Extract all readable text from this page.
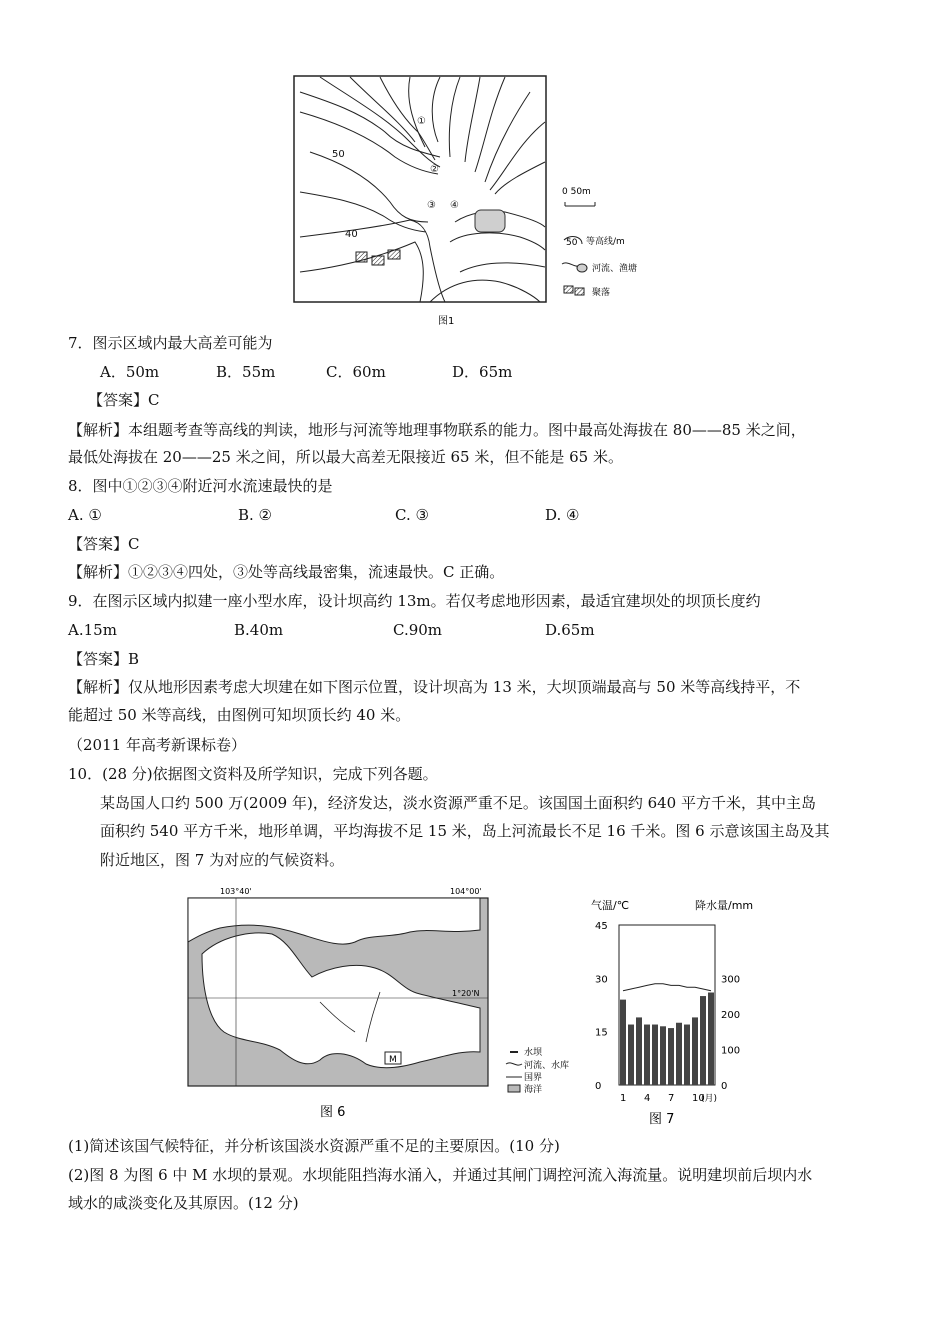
50
40
①
②
③ ④
0 50m
50 等高线/m
河流、渔塘
聚落
图1
7．图示区域内最大高差可能为
A．50m	B．55m	C．60m	D．65m
【答案】C
【解析】本组题考查等高线的判读，地形与河流等地理事物联系的能力。图中最高处海拔在 80——85 米之间，
最低处海拔在 20——25 米之间，所以最大高差无限接近 65 米，但不能是 65 米。
8．图中①②③④附近河水流速最快的是
A. ①	B. ②	C. ③	D. ④
【答案】C
【解析】①②③④四处，③处等高线最密集，流速最快。C 正确。
9．在图示区域内拟建一座小型水库，设计坝高约 13m。若仅考虑地形因素，最适宜建坝处的坝顶长度约
A.15m	B.40m	C.90m	D.65m
【答案】B
【解析】仅从地形因素考虑大坝建在如下图示位置，设计坝高为 13 米，大坝顶端最高与 50 米等高线持平，不
能超过 50 米等高线，由图例可知坝顶长约 40 米。
（2011 年高考新课标卷）
10．(28 分)依据图文资料及所学知识，完成下列各题。
某岛国人口约 500 万(2009 年)，经济发达，淡水资源严重不足。该国国土面积约 640 平方千米，其中主岛
面积约 540 平方千米，地形单调，平均海拔不足 15 米，岛上河流最长不足 16 千米。图 6 示意该国主岛及其
附近地区，图 7 为对应的气候资料。
103°40'	104°00'
1°20'N
M
水坝
河流、水库
国界
海洋
图 6
气温/℃	降水量/mm
45
30
15
0
300
200
100
0
1 4 7 10
(月)
图 7
(1)简述该国气候特征，并分析该国淡水资源严重不足的主要原因。(10 分)
(2)图 8 为图 6 中 M 水坝的景观。水坝能阻挡海水涌入，并通过其闸门调控河流入海流量。说明建坝前后坝内水
域水的咸淡变化及其原因。(12 分)
